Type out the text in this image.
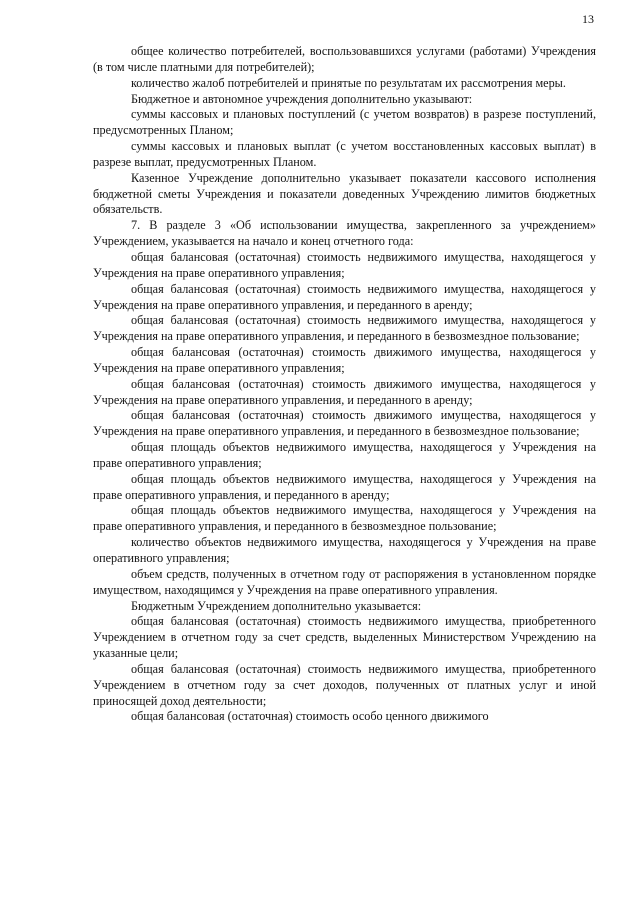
13

общее количество потребителей, воспользовавшихся услугами (работами) Учреждения (в том числе платными для потребителей);

количество жалоб потребителей и принятые по результатам их рассмотрения меры.

Бюджетное и автономное учреждения дополнительно указывают:

суммы кассовых и плановых поступлений (с учетом возвратов) в разрезе поступлений, предусмотренных Планом;

суммы кассовых и плановых выплат (с учетом восстановленных кассовых выплат) в разрезе выплат, предусмотренных Планом.

Казенное Учреждение дополнительно указывает показатели кассового исполнения бюджетной сметы Учреждения и показатели доведенных Учреждению лимитов бюджетных обязательств.

7. В разделе 3 «Об использовании имущества, закрепленного за учреждением» Учреждением, указывается на начало и конец отчетного года:

общая балансовая (остаточная) стоимость недвижимого имущества, находящегося у Учреждения на праве оперативного управления;

общая балансовая (остаточная) стоимость недвижимого имущества, находящегося у Учреждения на праве оперативного управления, и переданного в аренду;

общая балансовая (остаточная) стоимость недвижимого имущества, находящегося у Учреждения на праве оперативного управления, и переданного в безвозмездное пользование;

общая балансовая (остаточная) стоимость движимого имущества, находящегося у Учреждения на праве оперативного управления;

общая балансовая (остаточная) стоимость движимого имущества, находящегося у Учреждения на праве оперативного управления, и переданного в аренду;

общая балансовая (остаточная) стоимость движимого имущества, находящегося у Учреждения на праве оперативного управления, и переданного в безвозмездное пользование;

общая площадь объектов недвижимого имущества, находящегося у Учреждения на праве оперативного управления;

общая площадь объектов недвижимого имущества, находящегося у Учреждения на праве оперативного управления, и переданного в аренду;

общая площадь объектов недвижимого имущества, находящегося у Учреждения на праве оперативного управления, и переданного в безвозмездное пользование;

количество объектов недвижимого имущества, находящегося у Учреждения на праве оперативного управления;

объем средств, полученных в отчетном году от распоряжения в установленном порядке имуществом, находящимся у Учреждения на праве оперативного управления.

Бюджетным Учреждением дополнительно указывается:

общая балансовая (остаточная) стоимость недвижимого имущества, приобретенного Учреждением в отчетном году за счет средств, выделенных Министерством Учреждению на указанные цели;

общая балансовая (остаточная) стоимость недвижимого имущества, приобретенного Учреждением в отчетном году за счет доходов, полученных от платных услуг и иной приносящей доход деятельности;

общая балансовая (остаточная) стоимость особо ценного движимого
